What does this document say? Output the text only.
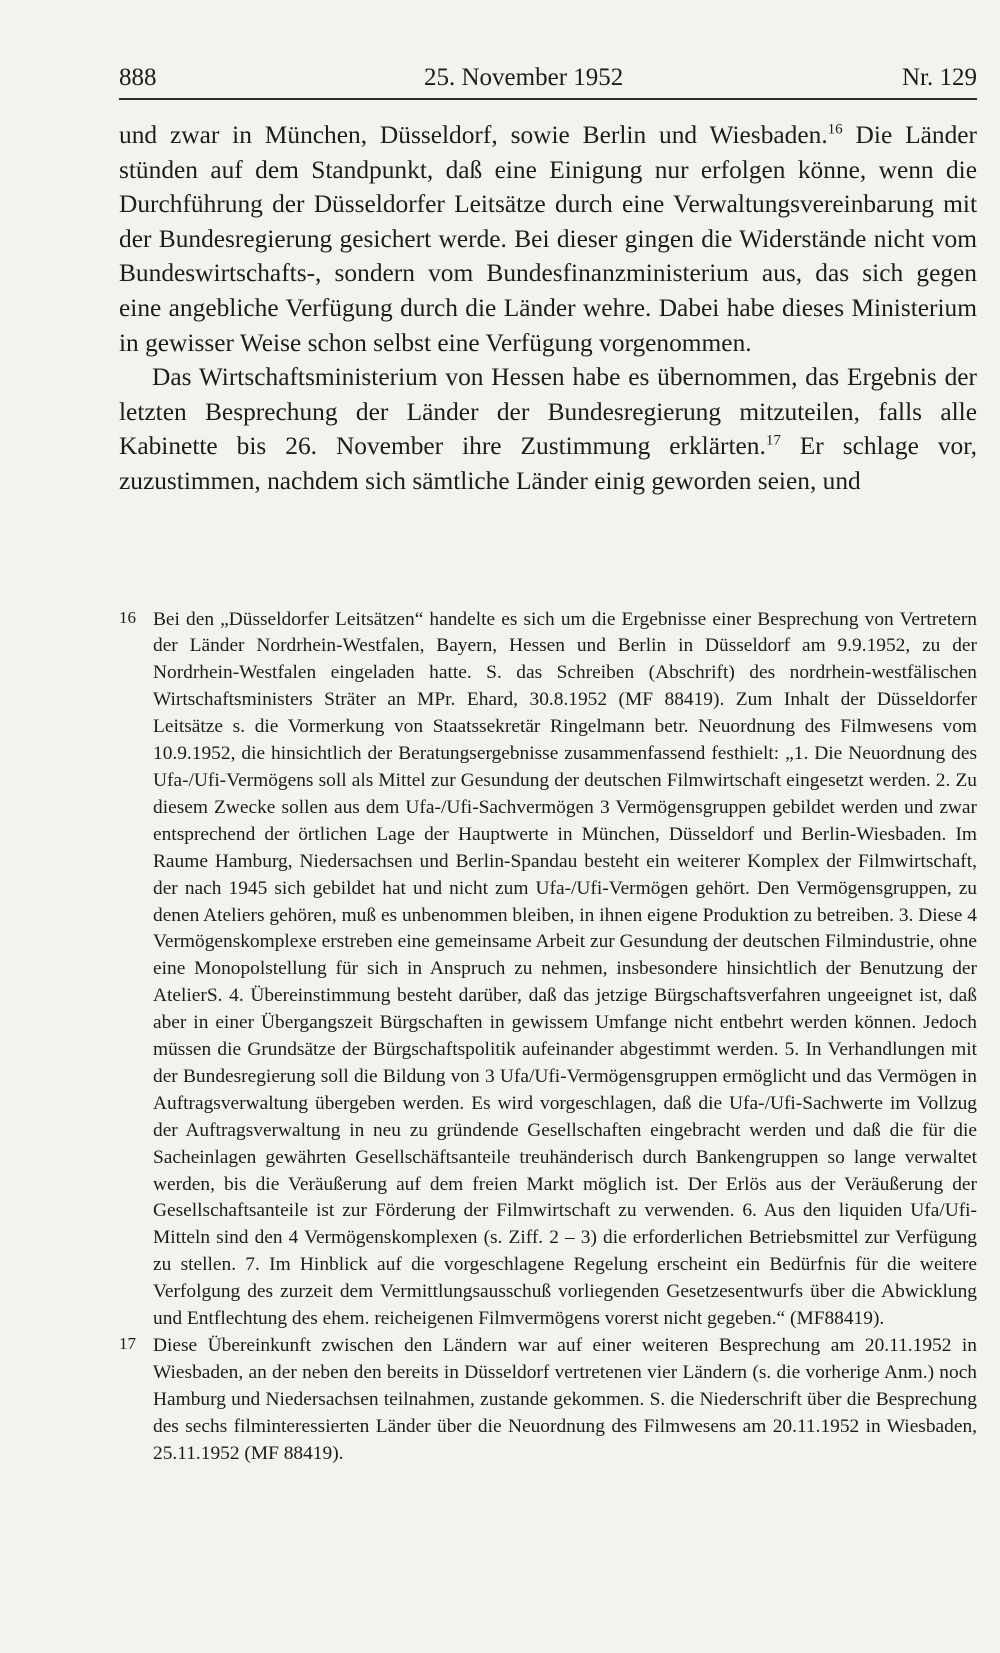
888	25. November 1952	Nr. 129

und zwar in München, Düsseldorf, sowie Berlin und Wiesbaden.$^{16}$ Die Länder stünden auf dem Standpunkt, daß eine Einigung nur erfolgen könne, wenn die Durchführung der Düsseldorfer Leitsätze durch eine Verwaltungsvereinbarung mit der Bundesregierung gesichert werde. Bei dieser gingen die Widerstände nicht vom Bundeswirtschafts-, sondern vom Bundesfinanzministerium aus, das sich gegen eine angebliche Verfügung durch die Länder wehre. Dabei habe dieses Ministerium in gewisser Weise schon selbst eine Verfügung vorgenommen.

Das Wirtschaftsministerium von Hessen habe es übernommen, das Ergebnis der letzten Besprechung der Länder der Bundesregierung mitzuteilen, falls alle Kabinette bis 26. November ihre Zustimmung erklärten.$^{17}$ Er schlage vor, zuzustimmen, nachdem sich sämtliche Länder einig geworden seien, und

16 Bei den „Düsseldorfer Leitsätzen“ handelte es sich um die Ergebnisse einer Besprechung von Vertretern der Länder Nordrhein-Westfalen, Bayern, Hessen und Berlin in Düsseldorf am 9.9.1952, zu der Nordrhein-Westfalen eingeladen hatte. S. das Schreiben (Abschrift) des nordrhein-westfälischen Wirtschaftsministers Sträter an MPr. Ehard, 30.8.1952 (MF 88419). Zum Inhalt der Düsseldorfer Leitsätze s. die Vormerkung von Staatssekretär Ringelmann betr. Neuordnung des Filmwesens vom 10.9.1952, die hinsichtlich der Beratungsergebnisse zusammenfassend festhielt: „1. Die Neuordnung des Ufa-/Ufi-Vermögens soll als Mittel zur Gesundung der deutschen Filmwirtschaft eingesetzt werden. 2. Zu diesem Zwecke sollen aus dem Ufa-/Ufi-Sachvermögen 3 Vermögensgruppen gebildet werden und zwar entsprechend der örtlichen Lage der Hauptwerte in München, Düsseldorf und Berlin-Wiesbaden. Im Raume Hamburg, Niedersachsen und Berlin-Spandau besteht ein weiterer Komplex der Filmwirtschaft, der nach 1945 sich gebildet hat und nicht zum Ufa-/Ufi-Vermögen gehört. Den Vermögensgruppen, zu denen Ateliers gehören, muß es unbenommen bleiben, in ihnen eigene Produktion zu betreiben. 3. Diese 4 Vermögenskomplexe erstreben eine gemeinsame Arbeit zur Gesundung der deutschen Filmindustrie, ohne eine Monopolstellung für sich in Anspruch zu nehmen, insbesondere hinsichtlich der Benutzung der AtelierS. 4. Übereinstimmung besteht darüber, daß das jetzige Bürgschaftsverfahren ungeeignet ist, daß aber in einer Übergangszeit Bürgschaften in gewissem Umfange nicht entbehrt werden können. Jedoch müssen die Grundsätze der Bürgschaftspolitik aufeinander abgestimmt werden. 5. In Verhandlungen mit der Bundesregierung soll die Bildung von 3 Ufa/Ufi-Vermögensgruppen ermöglicht und das Vermögen in Auftragsverwaltung übergeben werden. Es wird vorgeschlagen, daß die Ufa-/Ufi-Sachwerte im Vollzug der Auftragsverwaltung in neu zu gründende Gesellschaften eingebracht werden und daß die für die Sacheinlagen gewährten Gesellschäftsanteile treuhänderisch durch Bankengruppen so lange verwaltet werden, bis die Veräußerung auf dem freien Markt möglich ist. Der Erlös aus der Veräußerung der Gesellschaftsanteile ist zur Förderung der Filmwirtschaft zu verwenden. 6. Aus den liquiden Ufa/Ufi-Mitteln sind den 4 Vermögenskomplexen (s. Ziff. 2 – 3) die erforderlichen Betriebsmittel zur Verfügung zu stellen. 7. Im Hinblick auf die vorgeschlagene Regelung erscheint ein Bedürfnis für die weitere Verfolgung des zurzeit dem Vermittlungsausschuß vorliegenden Gesetzesentwurfs über die Abwicklung und Entflechtung des ehem. reicheigenen Filmvermögens vorerst nicht gegeben.“ (MF88419).
17 Diese Übereinkunft zwischen den Ländern war auf einer weiteren Besprechung am 20.11.1952 in Wiesbaden, an der neben den bereits in Düsseldorf vertretenen vier Ländern (s. die vorherige Anm.) noch Hamburg und Niedersachsen teilnahmen, zustande gekommen. S. die Niederschrift über die Besprechung des sechs filminteressierten Länder über die Neuordnung des Filmwesens am 20.11.1952 in Wiesbaden, 25.11.1952 (MF 88419).
